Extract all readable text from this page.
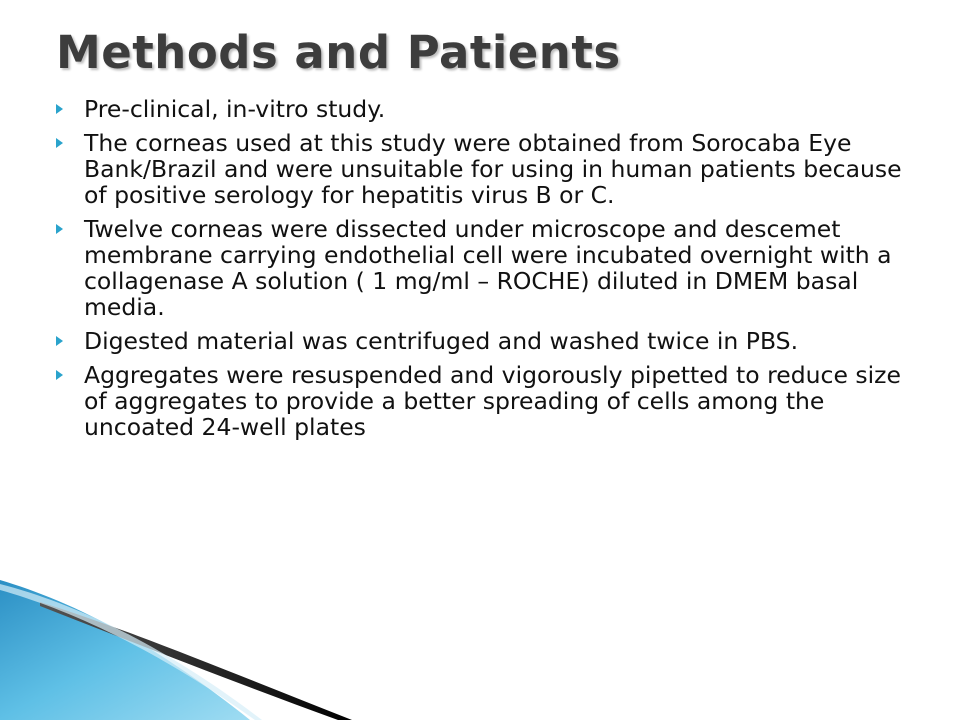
Methods and Patients
Pre-clinical, in-vitro study.
The corneas used at this study were obtained from Sorocaba Eye Bank/Brazil and were unsuitable for using in human patients because of positive serology for hepatitis virus B or C.
Twelve corneas were dissected under microscope and descemet membrane carrying endothelial cell were incubated overnight with a collagenase A solution ( 1 mg/ml – ROCHE) diluted in DMEM basal media.
Digested material was centrifuged and washed twice in PBS.
Aggregates were resuspended and vigorously pipetted to reduce size of aggregates to provide a better spreading of cells among the uncoated 24-well plates
